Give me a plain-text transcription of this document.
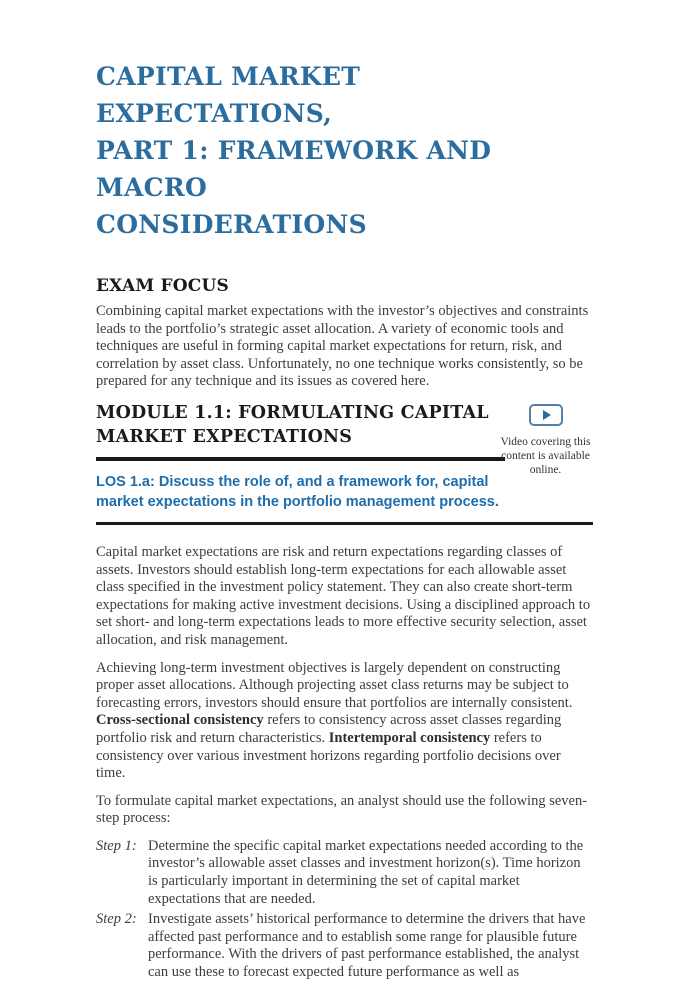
CAPITAL MARKET EXPECTATIONS,
PART 1: FRAMEWORK AND MACRO
CONSIDERATIONS
EXAM FOCUS

Combining capital market expectations with the investor’s objectives and constraints leads to the portfolio’s strategic asset allocation. A variety of economic tools and techniques are useful in forming capital market expectations for return, risk, and correlation by asset class. Unfortunately, no one technique works consistently, so be prepared for any technique and its issues as covered here.

MODULE 1.1: FORMULATING CAPITAL MARKET EXPECTATIONS	Video covering this content is available online.

LOS 1.a: Discuss the role of, and a framework for, capital market expectations in the portfolio management process.

Capital market expectations are risk and return expectations regarding classes of assets. Investors should establish long-term expectations for each allowable asset class specified in the investment policy statement. They can also create short-term expectations for making active investment decisions. Using a disciplined approach to set short- and long-term expectations leads to more effective security selection, asset allocation, and risk management.

Achieving long-term investment objectives is largely dependent on constructing proper asset allocations. Although projecting asset class returns may be subject to forecasting errors, investors should ensure that portfolios are internally consistent. Cross-sectional consistency refers to consistency across asset classes regarding portfolio risk and return characteristics. Intertemporal consistency refers to consistency over various investment horizons regarding portfolio decisions over time.

To formulate capital market expectations, an analyst should use the following seven-step process:

Step 1: Determine the specific capital market expectations needed according to the investor’s allowable asset classes and investment horizon(s). Time horizon is particularly important in determining the set of capital market expectations that are needed.
Step 2: Investigate assets’ historical performance to determine the drivers that have affected past performance and to establish some range for plausible future performance. With the drivers of past performance established, the analyst can use these to forecast expected future performance as well as
